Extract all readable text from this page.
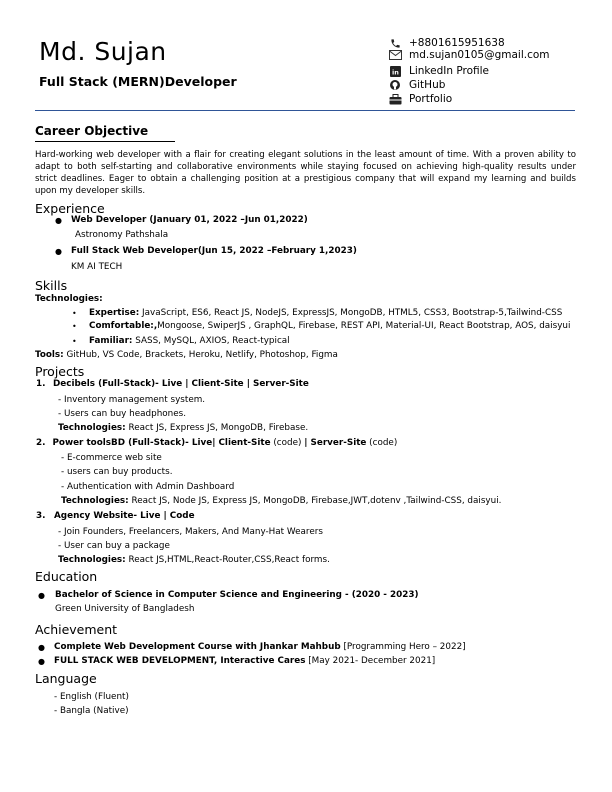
Md. Sujan
Full Stack (MERN)Developer
+8801615951638
md.sujan0105@gmail.com
in LinkedIn Profile
GitHub
Portfolio
Career Objective
Hard-working web developer with a flair for creating elegant solutions in the least amount of time. With a proven ability to adapt to both self-starting and collaborative environments while staying focused on achieving high-quality results under strict deadlines. Eager to obtain a challenging position at a prestigious company that will expand my learning and builds upon my developer skills.
Experience
● Web Developer (January 01, 2022 –Jun 01,2022)
Astronomy Pathshala
● Full Stack Web Developer(Jun 15, 2022 –February 1,2023)
KM AI TECH
Skills
Technologies:
• Expertise: JavaScript, ES6, React JS, NodeJS, ExpressJS, MongoDB, HTML5, CSS3, Bootstrap-5,Tailwind-CSS
• Comfortable:,Mongoose, SwiperJS , GraphQL, Firebase, REST API, Material-UI, React Bootstrap, AOS, daisyui
• Familiar: SASS, MySQL, AXIOS, React-typical
Tools: GitHub, VS Code, Brackets, Heroku, Netlify, Photoshop, Figma
Projects
1. Decibels (Full-Stack)- Live | Client-Site | Server-Site
- Inventory management system.
- Users can buy headphones.
Technologies: React JS, Express JS, MongoDB, Firebase.
2. Power toolsBD (Full-Stack)- Live| Client-Site (code) | Server-Site (code)
- E-commerce web site
- users can buy products.
- Authentication with Admin Dashboard
Technologies: React JS, Node JS, Express JS, MongoDB, Firebase,JWT,dotenv ,Tailwind-CSS, daisyui.
3. Agency Website- Live | Code
- Join Founders, Freelancers, Makers, And Many-Hat Wearers
- User can buy a package
Technologies: React JS,HTML,React-Router,CSS,React forms.
Education
● Bachelor of Science in Computer Science and Engineering - (2020 - 2023)
Green University of Bangladesh
Achievement
● Complete Web Development Course with Jhankar Mahbub [Programming Hero – 2022]
● FULL STACK WEB DEVELOPMENT, Interactive Cares [May 2021- December 2021]
Language
- English (Fluent)
- Bangla (Native)
